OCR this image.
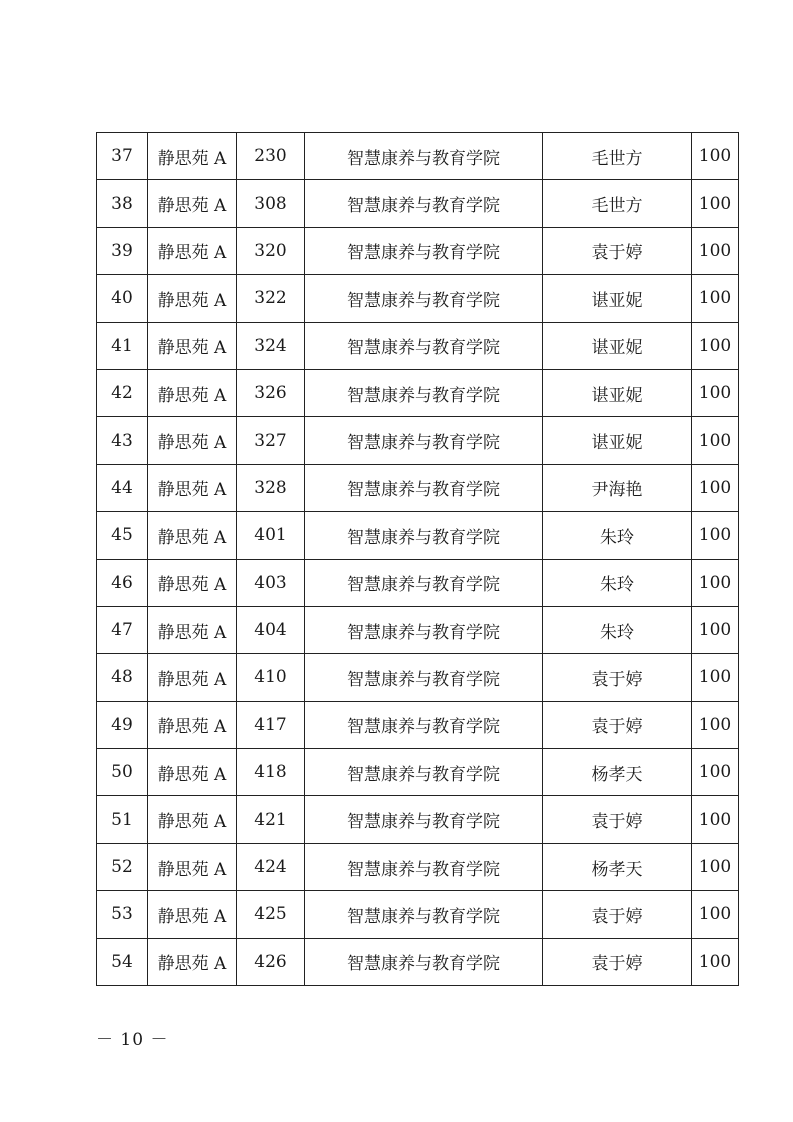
37	静思苑 A	230	智慧康养与教育学院	毛世方	100
38	静思苑 A	308	智慧康养与教育学院	毛世方	100
39	静思苑 A	320	智慧康养与教育学院	袁于婷	100
40	静思苑 A	322	智慧康养与教育学院	谌亚妮	100
41	静思苑 A	324	智慧康养与教育学院	谌亚妮	100
42	静思苑 A	326	智慧康养与教育学院	谌亚妮	100
43	静思苑 A	327	智慧康养与教育学院	谌亚妮	100
44	静思苑 A	328	智慧康养与教育学院	尹海艳	100
45	静思苑 A	401	智慧康养与教育学院	朱玲	100
46	静思苑 A	403	智慧康养与教育学院	朱玲	100
47	静思苑 A	404	智慧康养与教育学院	朱玲	100
48	静思苑 A	410	智慧康养与教育学院	袁于婷	100
49	静思苑 A	417	智慧康养与教育学院	袁于婷	100
50	静思苑 A	418	智慧康养与教育学院	杨孝天	100
51	静思苑 A	421	智慧康养与教育学院	袁于婷	100
52	静思苑 A	424	智慧康养与教育学院	杨孝天	100
53	静思苑 A	425	智慧康养与教育学院	袁于婷	100
54	静思苑 A	426	智慧康养与教育学院	袁于婷	100
－ 10 －
